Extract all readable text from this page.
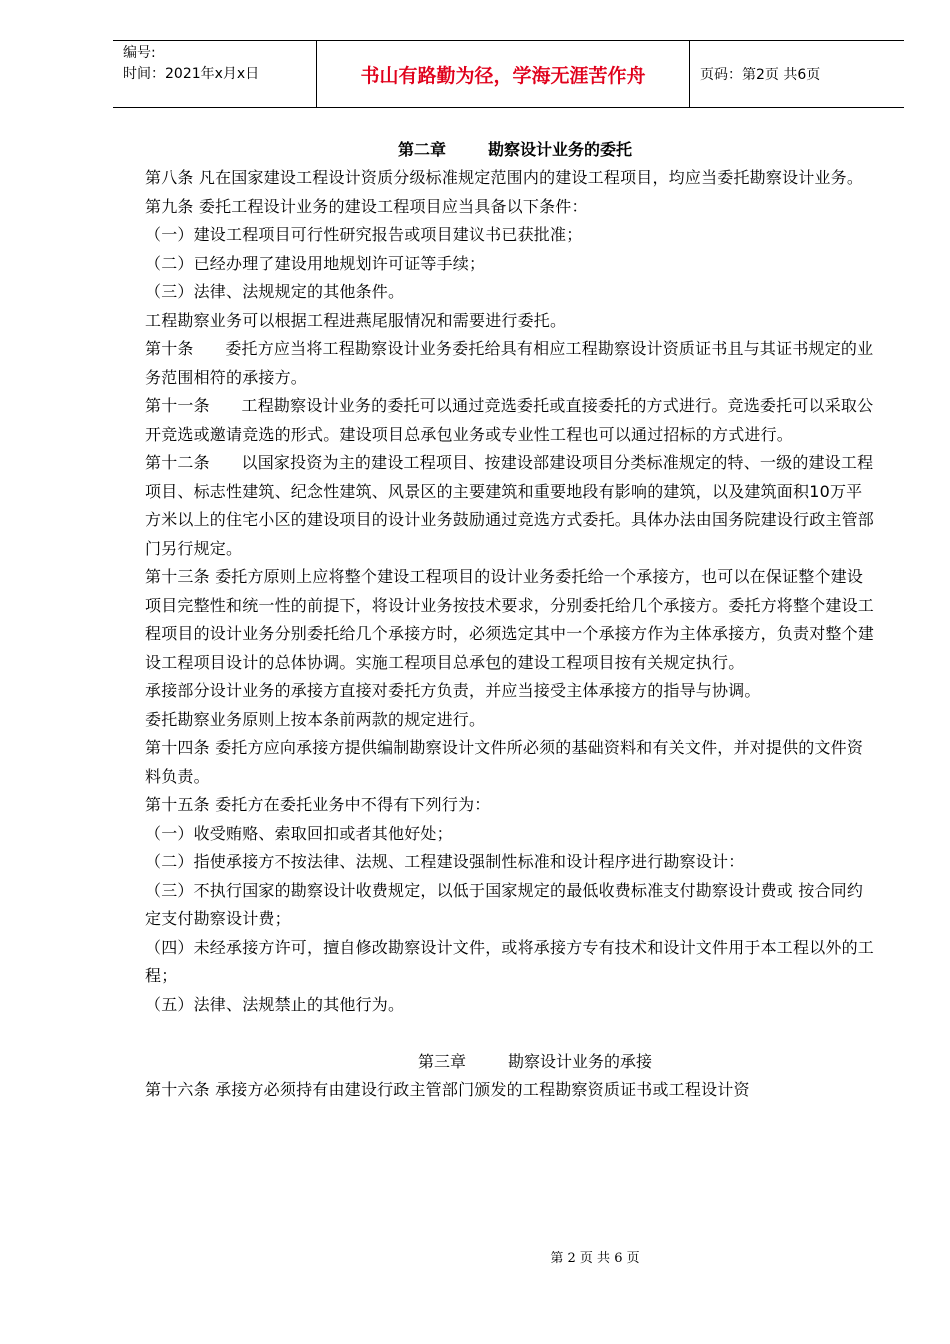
编号:
时间：2021年x月x日	书山有路勤为径，学海无涯苦作舟	页码：第2页 共6页
第二章	勘察设计业务的委托

第八条 凡在国家建设工程设计资质分级标准规定范围内的建设工程项目，均应当委托勘察设计业务。

第九条 委托工程设计业务的建设工程项目应当具备以下条件：

（一）建设工程项目可行性研究报告或项目建议书已获批准；

（二）已经办理了建设用地规划许可证等手续；

（三）法律、法规规定的其他条件。

工程勘察业务可以根据工程进燕尾服情况和需要进行委托。

第十条      委托方应当将工程勘察设计业务委托给具有相应工程勘察设计资质证书且与其证书规定的业务范围相符的承接方。

第十一条      工程勘察设计业务的委托可以通过竞选委托或直接委托的方式进行。竞选委托可以采取公开竞选或邀请竞选的形式。建设项目总承包业务或专业性工程也可以通过招标的方式进行。

第十二条      以国家投资为主的建设工程项目、按建设部建设项目分类标准规定的特、一级的建设工程项目、标志性建筑、纪念性建筑、风景区的主要建筑和重要地段有影响的建筑，以及建筑面积10万平方米以上的住宅小区的建设项目的设计业务鼓励通过竞选方式委托。具体办法由国务院建设行政主管部门另行规定。

第十三条 委托方原则上应将整个建设工程项目的设计业务委托给一个承接方，也可以在保证整个建设项目完整性和统一性的前提下，将设计业务按技术要求，分别委托给几个承接方。委托方将整个建设工程项目的设计业务分别委托给几个承接方时，必须选定其中一个承接方作为主体承接方，负责对整个建设工程项目设计的总体协调。实施工程项目总承包的建设工程项目按有关规定执行。

承接部分设计业务的承接方直接对委托方负责，并应当接受主体承接方的指导与协调。

委托勘察业务原则上按本条前两款的规定进行。

第十四条 委托方应向承接方提供编制勘察设计文件所必须的基础资料和有关文件，并对提供的文件资料负责。

第十五条 委托方在委托业务中不得有下列行为：

（一）收受贿赂、索取回扣或者其他好处；

（二）指使承接方不按法律、法规、工程建设强制性标准和设计程序进行勘察设计：

（三）不执行国家的勘察设计收费规定，以低于国家规定的最低收费标准支付勘察设计费或 按合同约定支付勘察设计费；

（四）未经承接方许可，擅自修改勘察设计文件，或将承接方专有技术和设计文件用于本工程以外的工程；

（五）法律、法规禁止的其他行为。

第三章	勘察设计业务的承接

第十六条 承接方必须持有由建设行政主管部门颁发的工程勘察资质证书或工程设计资

第 2 页 共 6 页
